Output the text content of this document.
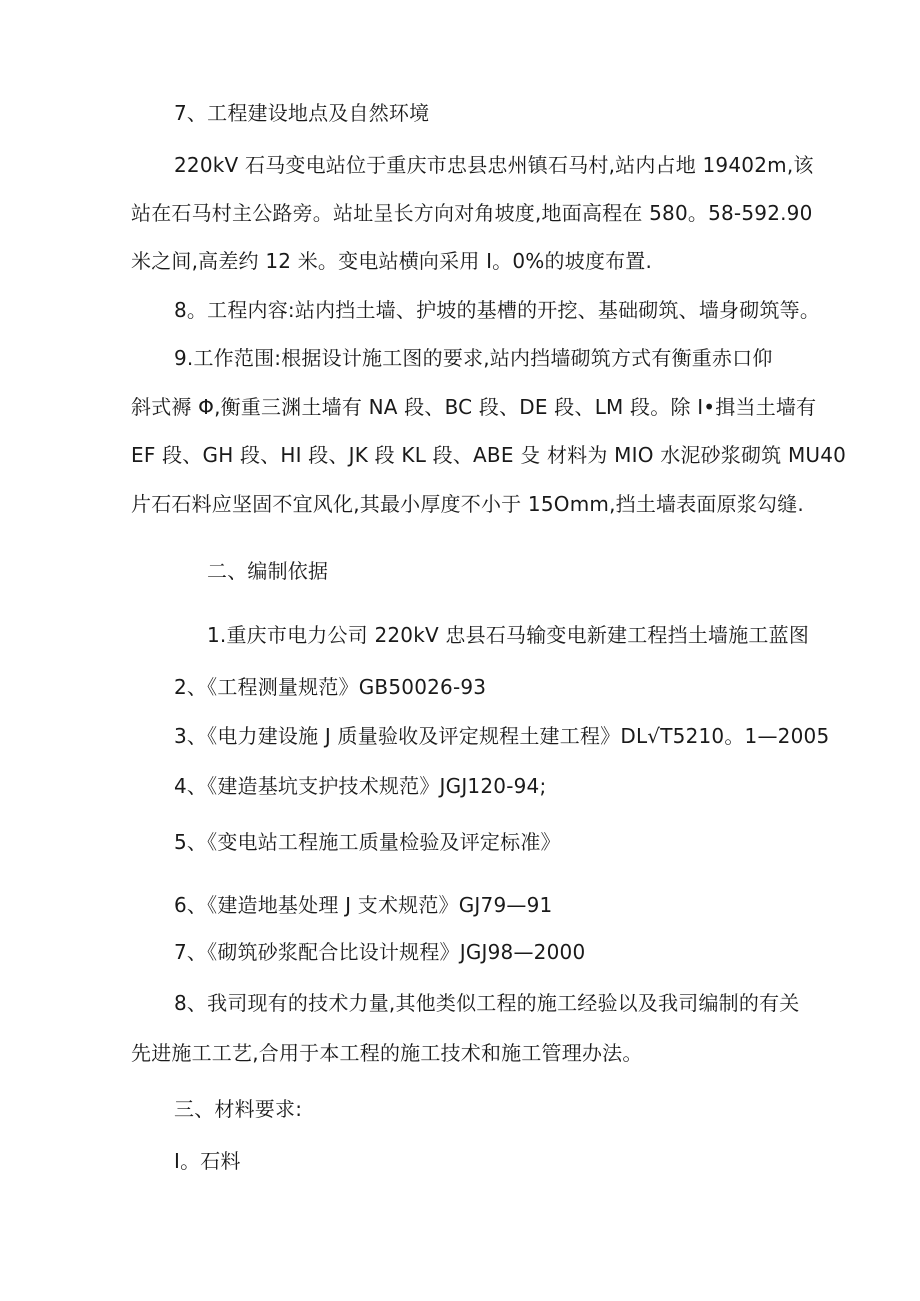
7、工程建设地点及自然环境
220kV 石马变电站位于重庆市忠县忠州镇石马村,站内占地 19402m,该
站在石马村主公路旁。站址呈长方向对角坡度,地面高程在 580。58-592.90
米之间,高差约 12 米。变电站横向采用 I。0%的坡度布置.
8。工程内容:站内挡土墙、护坡的基槽的开挖、基础砌筑、墙身砌筑等。
9.工作范围:根据设计施工图的要求,站内挡墙砌筑方式有衡重赤口仰
斜式褥 Φ,衡重三渊土墙有 NA 段、BC 段、DE 段、LM 段。除 I•揖当土墙有
EF 段、GH 段、HI 段、JK 段 KL 段、ABE 殳 材料为 MIO 水泥砂浆砌筑 MU40
片石石料应坚固不宜风化,其最小厚度不小于 15Omm,挡土墙表面原浆勾缝.
二、编制依据
1.重庆市电力公司 220kV 忠县石马输变电新建工程挡土墙施工蓝图
2、《工程测量规范》GB50026-93
3、《电力建设施 J 质量验收及评定规程土建工程》DL√T5210。1—2005
4、《建造基坑支护技术规范》JGJ120-94;
5、《变电站工程施工质量检验及评定标准》
6、《建造地基处理 J 支术规范》GJ79—91
7、《砌筑砂浆配合比设计规程》JGJ98—2000
8、我司现有的技术力量,其他类似工程的施工经验以及我司编制的有关
先进施工工艺,合用于本工程的施工技术和施工管理办法。
三、材料要求:
I。石料
